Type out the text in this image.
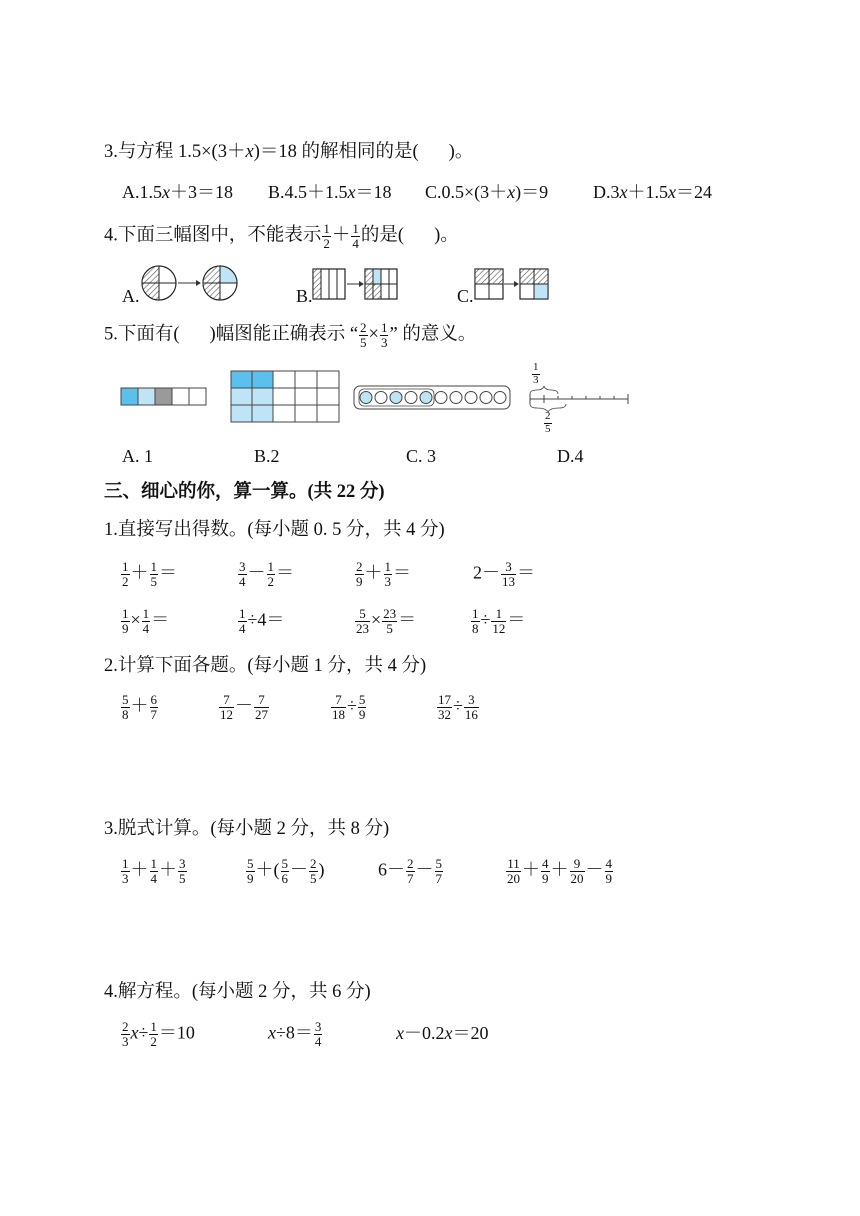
3.与方程 1.5×(3＋x)＝18 的解相同的是( )。
A.1.5x＋3＝18 B.4.5＋1.5x＝18 C.0.5×(3＋x)＝9 D.3x＋1.5x＝24
4.下面三幅图中，不能表示 $\frac{1}{2} + \frac{1}{4}$ 的是( )。
A.	B.	C.
5.下面有( )幅图能正确表示 “ $\frac{2}{5} \times \frac{1}{3}$ ” 的意义。
$\frac{1}{3}$
$\frac{2}{5}$
A. 1	B.2	C. 3	D.4
三、细心的你，算一算。(共 22 分)
1.直接写出得数。(每小题 0. 5 分，共 4 分)
$\frac{1}{2} + \frac{1}{5}$ ＝	$\frac{3}{4} - \frac{1}{2}$ ＝	$\frac{2}{9} + \frac{1}{3}$ ＝	$2- \frac{3}{13}$ ＝
$\frac{1}{9} \times \frac{1}{4}$ ＝	$\frac{1}{4} \div 4=$	$\frac{5}{23} \times \frac{23}{5}$ ＝	$\frac{1}{8} \div \frac{1}{12}$ ＝
2.计算下面各题。(每小题 1 分，共 4 分)
$\frac{5}{8} + \frac{6}{7}$	$\frac{7}{12} - \frac{7}{27}$	$\frac{7}{18} \div \frac{5}{9}$	$\frac{17}{32} \div \frac{3}{16}$
3.脱式计算。(每小题 2 分，共 8 分)
$\frac{1}{3} + \frac{1}{4} + \frac{3}{5}$	$\frac{5}{9}$ ＋( $\frac{5}{6} - \frac{2}{5}$ )	$6- \frac{2}{7} - \frac{5}{7}$	$\frac{11}{20} + \frac{4}{9} + \frac{9}{20} - \frac{4}{9}$
4.解方程。(每小题 2 分，共 6 分)
$\frac{2}{3} x\div \frac{1}{2} =10$	$x\div 8= \frac{3}{4}$	x－0.2x＝20
